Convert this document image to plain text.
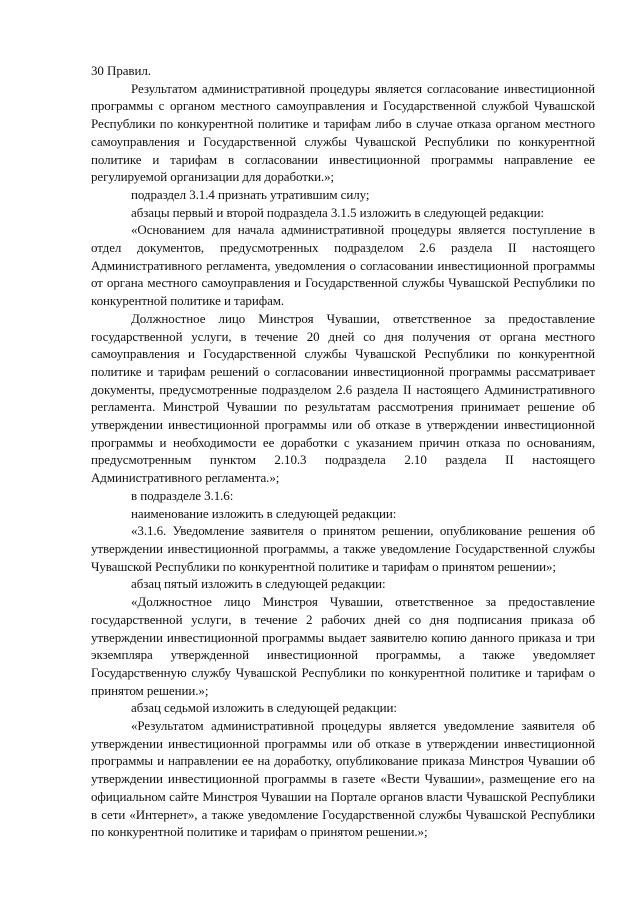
30 Правил.

Результатом административной процедуры является согласование инвестиционной программы с органом местного самоуправления и Государственной службой Чувашской Республики по конкурентной политике и тарифам либо в случае отказа органом местного самоуправления и Государственной службы Чувашской Республики по конкурентной политике и тарифам в согласовании инвестиционной программы направление ее регулируемой организации для доработки.»;

подраздел 3.1.4 признать утратившим силу;

абзацы первый и второй подраздела 3.1.5 изложить в следующей редакции:

«Основанием для начала административной процедуры является поступление в отдел документов, предусмотренных подразделом 2.6 раздела II настоящего Административного регламента, уведомления о согласовании инвестиционной программы от органа местного самоуправления и Государственной службы Чувашской Республики по конкурентной политике и тарифам.

Должностное лицо Минстроя Чувашии, ответственное за предоставление государственной услуги, в течение 20 дней со дня получения от органа местного самоуправления и Государственной службы Чувашской Республики по конкурентной политике и тарифам решений о согласовании инвестиционной программы рассматривает документы, предусмотренные подразделом 2.6 раздела II настоящего Административного регламента. Минстрой Чувашии по результатам рассмотрения принимает решение об утверждении инвестиционной программы или об отказе в утверждении инвестиционной программы и необходимости ее доработки с указанием причин отказа по основаниям, предусмотренным пунктом 2.10.3 подраздела 2.10 раздела II настоящего Административного регламента.»;

в подразделе 3.1.6:

наименование изложить в следующей редакции:

«3.1.6. Уведомление заявителя о принятом решении, опубликование решения об утверждении инвестиционной программы, а также уведомление Государственной службы Чувашской Республики по конкурентной политике и тарифам о принятом решении»;

абзац пятый изложить в следующей редакции:

«Должностное лицо Минстроя Чувашии, ответственное за предоставление государственной услуги, в течение 2 рабочих дней со дня подписания приказа об утверждении инвестиционной программы выдает заявителю копию данного приказа и три экземпляра утвержденной инвестиционной программы, а также уведомляет Государственную службу Чувашской Республики по конкурентной политике и тарифам о принятом решении.»;

абзац седьмой изложить в следующей редакции:

«Результатом административной процедуры является уведомление заявителя об утверждении инвестиционной программы или об отказе в утверждении инвестиционной программы и направлении ее на доработку, опубликование приказа Минстроя Чувашии об утверждении инвестиционной программы в газете «Вести Чувашии», размещение его на официальном сайте Минстроя Чувашии на Портале органов власти Чувашской Республики в сети «Интернет», а также уведомление Государственной службы Чувашской Республики по конкурентной политике и тарифам о принятом решении.»;
